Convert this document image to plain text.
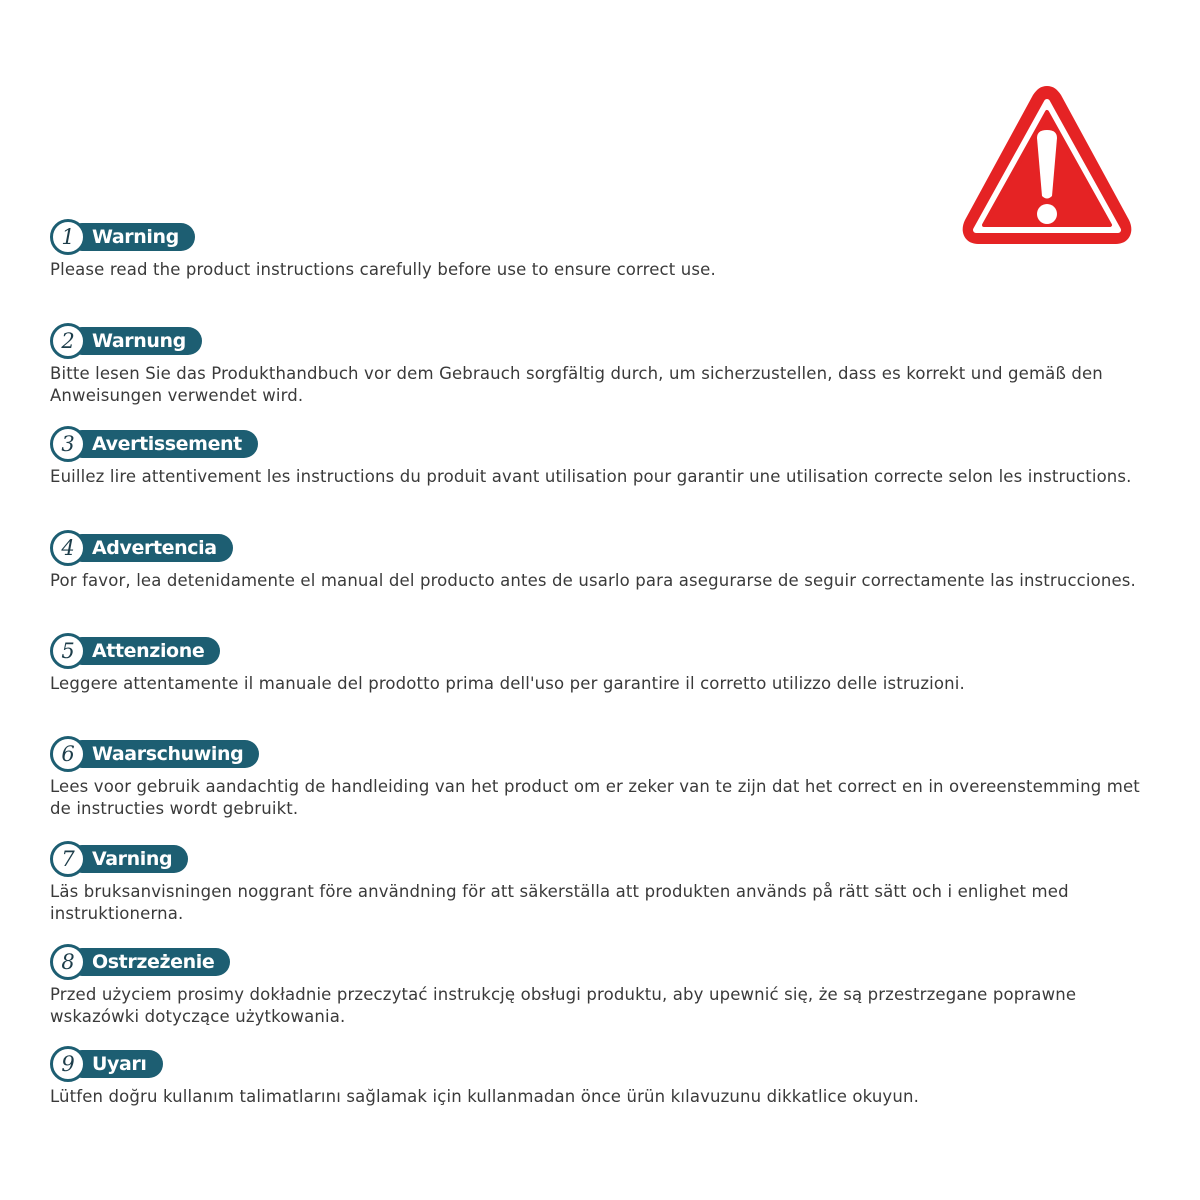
1 Warning

Please read the product instructions carefully before use to ensure correct use.

2 Warnung

Bitte lesen Sie das Produkthandbuch vor dem Gebrauch sorgfältig durch, um sicherzustellen, dass es korrekt und gemäß den Anweisungen verwendet wird.

3 Avertissement

Euillez lire attentivement les instructions du produit avant utilisation pour garantir une utilisation correcte selon les instructions.

4 Advertencia

Por favor, lea detenidamente el manual del producto antes de usarlo para asegurarse de seguir correctamente las instrucciones.

5 Attenzione

Leggere attentamente il manuale del prodotto prima dell'uso per garantire il corretto utilizzo delle istruzioni.

6 Waarschuwing

Lees voor gebruik aandachtig de handleiding van het product om er zeker van te zijn dat het correct en in overeenstemming met de instructies wordt gebruikt.

7 Varning

Läs bruksanvisningen noggrant före användning för att säkerställa att produkten används på rätt sätt och i enlighet med instruktionerna.

8 Ostrzeżenie

Przed użyciem prosimy dokładnie przeczytać instrukcję obsługi produktu, aby upewnić się, że są przestrzegane poprawne wskazówki dotyczące użytkowania.

9 Uyarı

Lütfen doğru kullanım talimatlarını sağlamak için kullanmadan önce ürün kılavuzunu dikkatlice okuyun.
